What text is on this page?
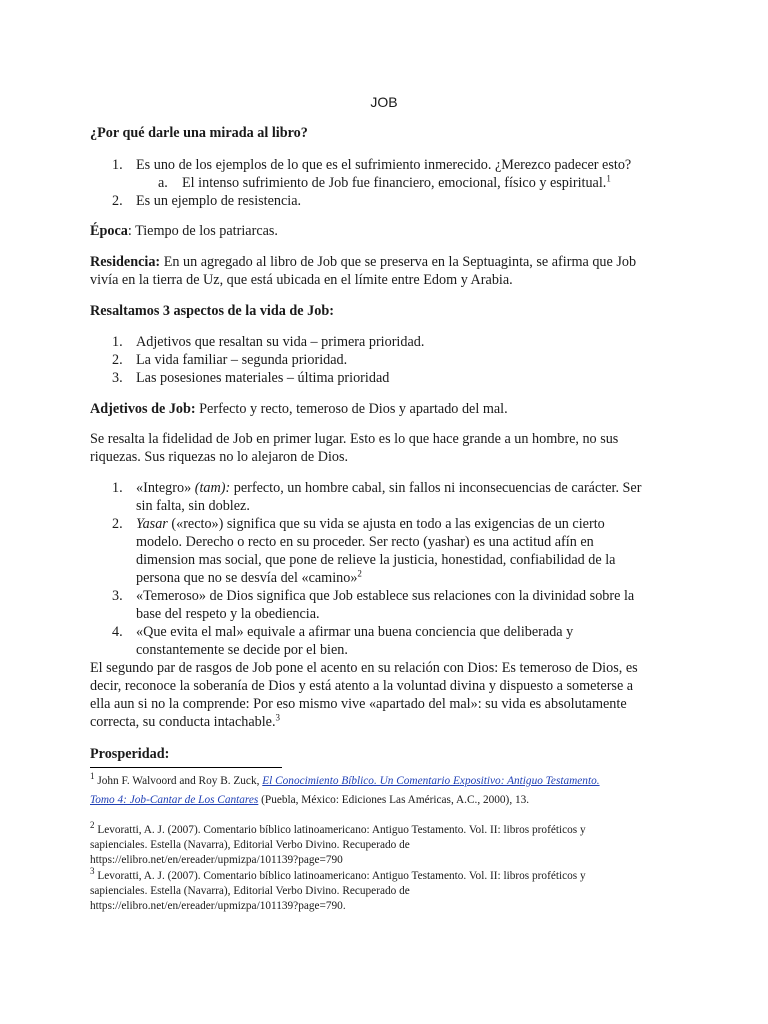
JOB

¿Por qué darle una mirada al libro?

1. Es uno de los ejemplos de lo que es el sufrimiento inmerecido. ¿Merezco padecer esto?
a. El intenso sufrimiento de Job fue financiero, emocional, físico y espiritual.$^1$
2. Es un ejemplo de resistencia.

Época: Tiempo de los patriarcas.

Residencia: En un agregado al libro de Job que se preserva en la Septuaginta, se afirma que Job

vivía en la tierra de Uz, que está ubicada en el límite entre Edom y Arabia.

Resaltamos 3 aspectos de la vida de Job:

1. Adjetivos que resaltan su vida – primera prioridad.
2. La vida familiar – segunda prioridad.
3. Las posesiones materiales – última prioridad

Adjetivos de Job: Perfecto y recto, temeroso de Dios y apartado del mal.

Se resalta la fidelidad de Job en primer lugar. Esto es lo que hace grande a un hombre, no sus

riquezas. Sus riquezas no lo alejaron de Dios.

1. «Integro» (tam): perfecto, un hombre cabal, sin fallos ni inconsecuencias de carácter. Ser
sin falta, sin doblez.
2. Yasar («recto») significa que su vida se ajusta en todo a las exigencias de un cierto
modelo. Derecho o recto en su proceder. Ser recto (yashar) es una actitud afín en
dimension mas social, que pone de relieve la justicia, honestidad, confiabilidad de la
persona que no se desvía del «camino»$^2$
3. «Temeroso» de Dios significa que Job establece sus relaciones con la divinidad sobre la
base del respeto y la obediencia.
4. «Que evita el mal» equivale a afirmar una buena conciencia que deliberada y
constantemente se decide por el bien.

El segundo par de rasgos de Job pone el acento en su relación con Dios: Es temeroso de Dios, es

decir, reconoce la soberanía de Dios y está atento a la voluntad divina y dispuesto a someterse a

ella aun si no la comprende: Por eso mismo vive «apartado del mal»: su vida es absolutamente

correcta, su conducta intachable.$^3$

Prosperidad:

$^1$ John F. Walvoord and Roy B. Zuck, El Conocimiento Bíblico. Un Comentario Expositivo: Antiguo Testamento.

Tomo 4: Job-Cantar de Los Cantares (Puebla, México: Ediciones Las Américas, A.C., 2000), 13.

$^2$ Levoratti, A. J. (2007). Comentario bíblico latinoamericano: Antiguo Testamento. Vol. II: libros proféticos y

sapienciales. Estella (Navarra), Editorial Verbo Divino. Recuperado de

https://elibro.net/en/ereader/upmizpa/101139?page=790

$^3$ Levoratti, A. J. (2007). Comentario bíblico latinoamericano: Antiguo Testamento. Vol. II: libros proféticos y

sapienciales. Estella (Navarra), Editorial Verbo Divino. Recuperado de

https://elibro.net/en/ereader/upmizpa/101139?page=790.
